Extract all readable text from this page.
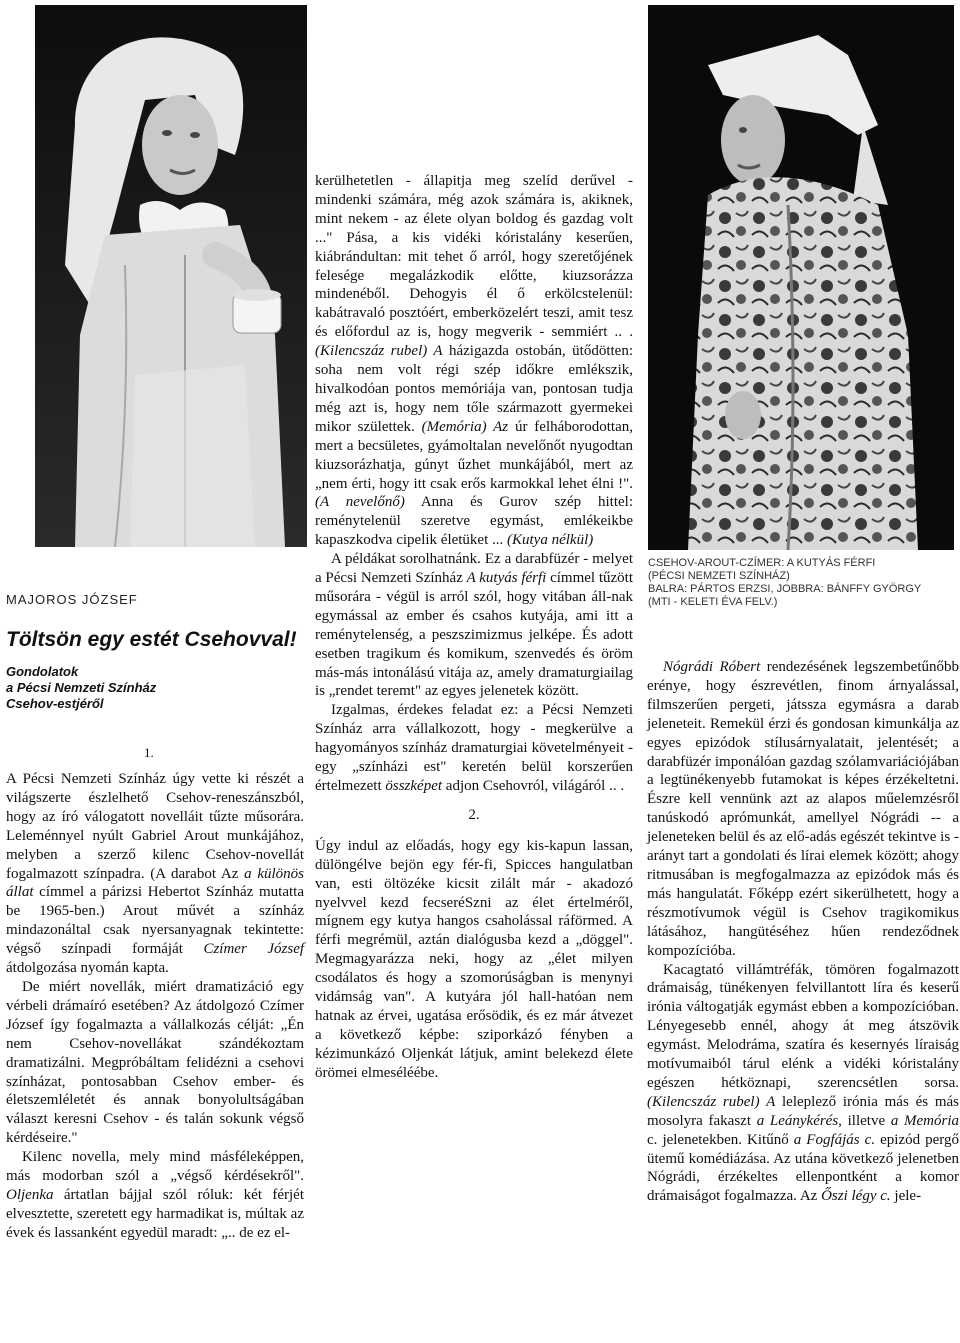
MAJOROS JÓZSEF
Töltsön egy estét Csehovval!
Gondolatok
a Pécsi Nemzeti Színház
Csehov-estjéről
1.
CSEHOV-AROUT-CZÍMER: A KUTYÁS FÉRFI
(PÉCSI NEMZETI SZÍNHÁZ)
BALRA: PÁRTOS ERZSI, JOBBRA: BÁNFFY GYÖRGY
(MTI - KELETI ÉVA FELV.)

A Pécsi Nemzeti Színház úgy vette ki részét a világszerte észlelhető Csehov-reneszánszból, hogy az író válogatott novelláit tűzte műsorára. Leleménnyel nyúlt Gabriel Arout munkájához, melyben a szerző kilenc Csehov-novellát fogalmazott színpadra. (A darabot Az a különös állat címmel a párizsi Hebertot Színház mutatta be 1965-ben.) Arout művét a színház mindazonáltal csak nyersanyagnak tekintette: végső színpadi formáját Czímer József átdolgozása nyomán kapta.

De miért novellák, miért dramatizáció egy vérbeli drámaíró esetében? Az átdolgozó Czímer József így fogalmazta a vállalkozás célját: „Én nem Csehov-novellákat szándékoztam dramatizálni. Megpróbáltam felidézni a csehovi színházat, pontosabban Csehov ember- és életszemléletét és annak bonyolultságában választ keresni Csehov - és talán sokunk végső kérdéseire."

Kilenc novella, mely mind másféleképpen, más modorban szól a „végső kérdésekről". Oljenka ártatlan bájjal szól róluk: két férjét elvesztette, szeretett egy harmadikat is, múltak az évek és lassanként egyedül maradt: „.. de ez el-

kerülhetetlen - állapitja meg szelíd derűvel - mindenki számára, még azok számára is, akiknek, mint nekem - az élete olyan boldog és gazdag volt ..." Pása, a kis vidéki kóristalány keserűen, kiábrándultan: mit tehet ő arról, hogy szeretőjének felesége megalázkodik előtte, kiuzsorázza mindenéből. Dehogyis él ő erkölcstelenül: kabátravaló posztóért, emberközelért teszi, amit tesz és előfordul az is, hogy megverik - semmiért .. . (Kilencszáz rubel) A házigazda ostobán, ütődötten: soha nem volt régi szép időkre emlékszik, hivalkodóan pontos memóriája van, pontosan tudja még azt is, hogy nem tőle származott gyermekei mikor születtek. (Memória) Az úr felháborodottan, mert a becsületes, gyámoltalan nevelőnőt nyugodtan kiuzsorázhatja, gúnyt űzhet munkájából, mert az „nem érti, hogy itt csak erős karmokkal lehet élni !". (A nevelőnő) Anna és Gurov szép hittel: reménytelenül szeretve egymást, emlékeikbe kapaszkodva cipelik életüket ... (Kutya nélkül)

A példákat sorolhatnánk. Ez a darabfüzér - melyet a Pécsi Nemzeti Színház A kutyás férfi címmel tűzött műsorára - végül is arról szól, hogy vitában áll-nak egymással az ember és csahos kutyája, ami itt a reménytelenség, a peszszimizmus jelképe. És adott esetben tragikum és komikum, szenvedés és öröm más-más intonálású vitája az, amely dramaturgiailag is „rendet teremt" az egyes jelenetek között.

Izgalmas, érdekes feladat ez: a Pécsi Nemzeti Színház arra vállalkozott, hogy - megkerülve a hagyományos színház dramaturgiai követelményeit - egy „színházi est" keretén belül korszerűen értelmezett összképet adjon Csehovról, világáról .. .

2.

Úgy indul az előadás, hogy egy kis-kapun lassan, dülöngélve bejön egy fér-fi, Spicces hangulatban van, esti öltözéke kicsit zilált már - akadozó nyelvvel kezd fecseréSzni az élet értelméről, mígnem egy kutya hangos csaholással ráförmed. A férfi megrémül, aztán dialógusba kezd a „döggel". Megmagyarázza neki, hogy az „élet milyen csodálatos és hogy a szomorúságban is menynyi vidámság van". A kutyára jól hall-hatóan nem hatnak az érvei, ugatása erősödik, és ez már átvezet a következő képbe: sziporkázó fényben a kézimunkázó Oljenkát látjuk, amint belekezd élete örömei elmeséléébe.

Nógrádi Róbert rendezésének legszembetűnőbb erénye, hogy észrevétlen, finom árnyalással, filmszerűen pergeti, játssza egymásra a darab jeleneteit. Remekül érzi és gondosan kimunkálja az egyes epizódok stílusárnyalatait, jelentését; a darabfüzér imponálóan gazdag szólamvariációjában a legtünékenyebb futamokat is képes érzékeltetni. Észre kell vennünk azt az alapos műelemzésről tanúskodó aprómunkát, amellyel Nógrádi -- a jeleneteken belül és az elő-adás egészét tekintve is - arányt tart a gondolati és lírai elemek között; ahogy ritmusában is megfogalmazza az epizódok más és más hangulatát. Főképp ezért sikerülhetett, hogy a részmotívumok végül is Csehov tragikomikus látásához, hangütéséhez hűen rendeződnek kompozícióba.

Kacagtató villámtréfák, tömören fogalmazott drámaiság, tünékenyen felvillantott líra és keserű irónia váltogatják egymást ebben a kompozícióban. Lényegesebb ennél, ahogy át meg átszövik egymást. Melodráma, szatíra és kesernyés líraiság motívumaiból tárul elénk a vidéki kóristalány egészen hétköznapi, szerencsétlen sorsa. (Kilencszáz rubel) A leleplező irónia más és más mosolyra fakaszt a Leánykérés, illetve a Memória c. jelenetekben. Kitűnő a Fogfájás c. epizód pergő ütemű komédiázása. Az utána következő jelenetben Nógrádi, érzékeltes ellenpontként a komor drámaiságot fogalmazza. Az Őszi légy c. jele-
